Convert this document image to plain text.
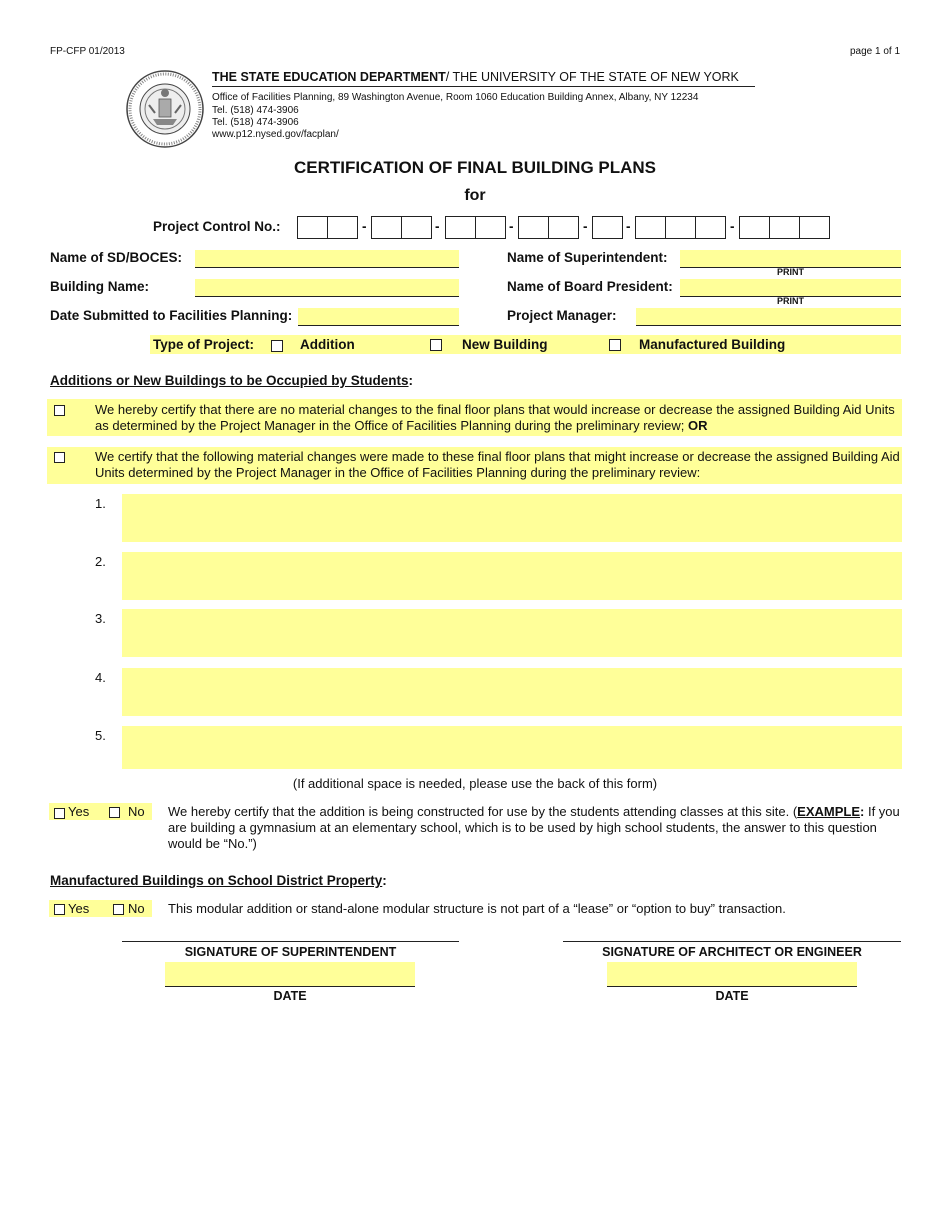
FP-CFP 01/2013	page 1 of 1
THE STATE EDUCATION DEPARTMENT/ THE UNIVERSITY OF THE STATE OF NEW YORK
Office of Facilities Planning, 89 Washington Avenue, Room 1060 Education Building Annex, Albany, NY 12234
Tel. (518) 474-3906
Tel. (518) 474-3906
www.p12.nysed.gov/facplan/
CERTIFICATION OF FINAL BUILDING PLANS
for
Project Control No.:	-	-	-	-	-	-
Name of SD/BOCES:	Name of Superintendent:
PRINT
Building Name:	Name of Board President:
PRINT
Date Submitted to Facilities Planning:	Project Manager:
Type of Project:	Addition	New Building	Manufactured Building
Additions or New Buildings to be Occupied by Students:
We hereby certify that there are no material changes to the final floor plans that would increase or decrease the assigned Building Aid Units as determined by the Project Manager in the Office of Facilities Planning during the preliminary review; OR
We certify that the following material changes were made to these final floor plans that might increase or decrease the assigned Building Aid Units determined by the Project Manager in the Office of Facilities Planning during the preliminary review:
1.
2.
3.
4.
5.
(If additional space is needed, please use the back of this form)
Yes	No We hereby certify that the addition is being constructed for use by the students attending classes at this site. (EXAMPLE: If you are building a gymnasium at an elementary school, which is to be used by high school students, the answer to this question would be “No.”)
Manufactured Buildings on School District Property:
Yes	No This modular addition or stand-alone modular structure is not part of a “lease” or “option to buy” transaction.
SIGNATURE OF SUPERINTENDENT
DATE
SIGNATURE OF ARCHITECT OR ENGINEER
DATE
